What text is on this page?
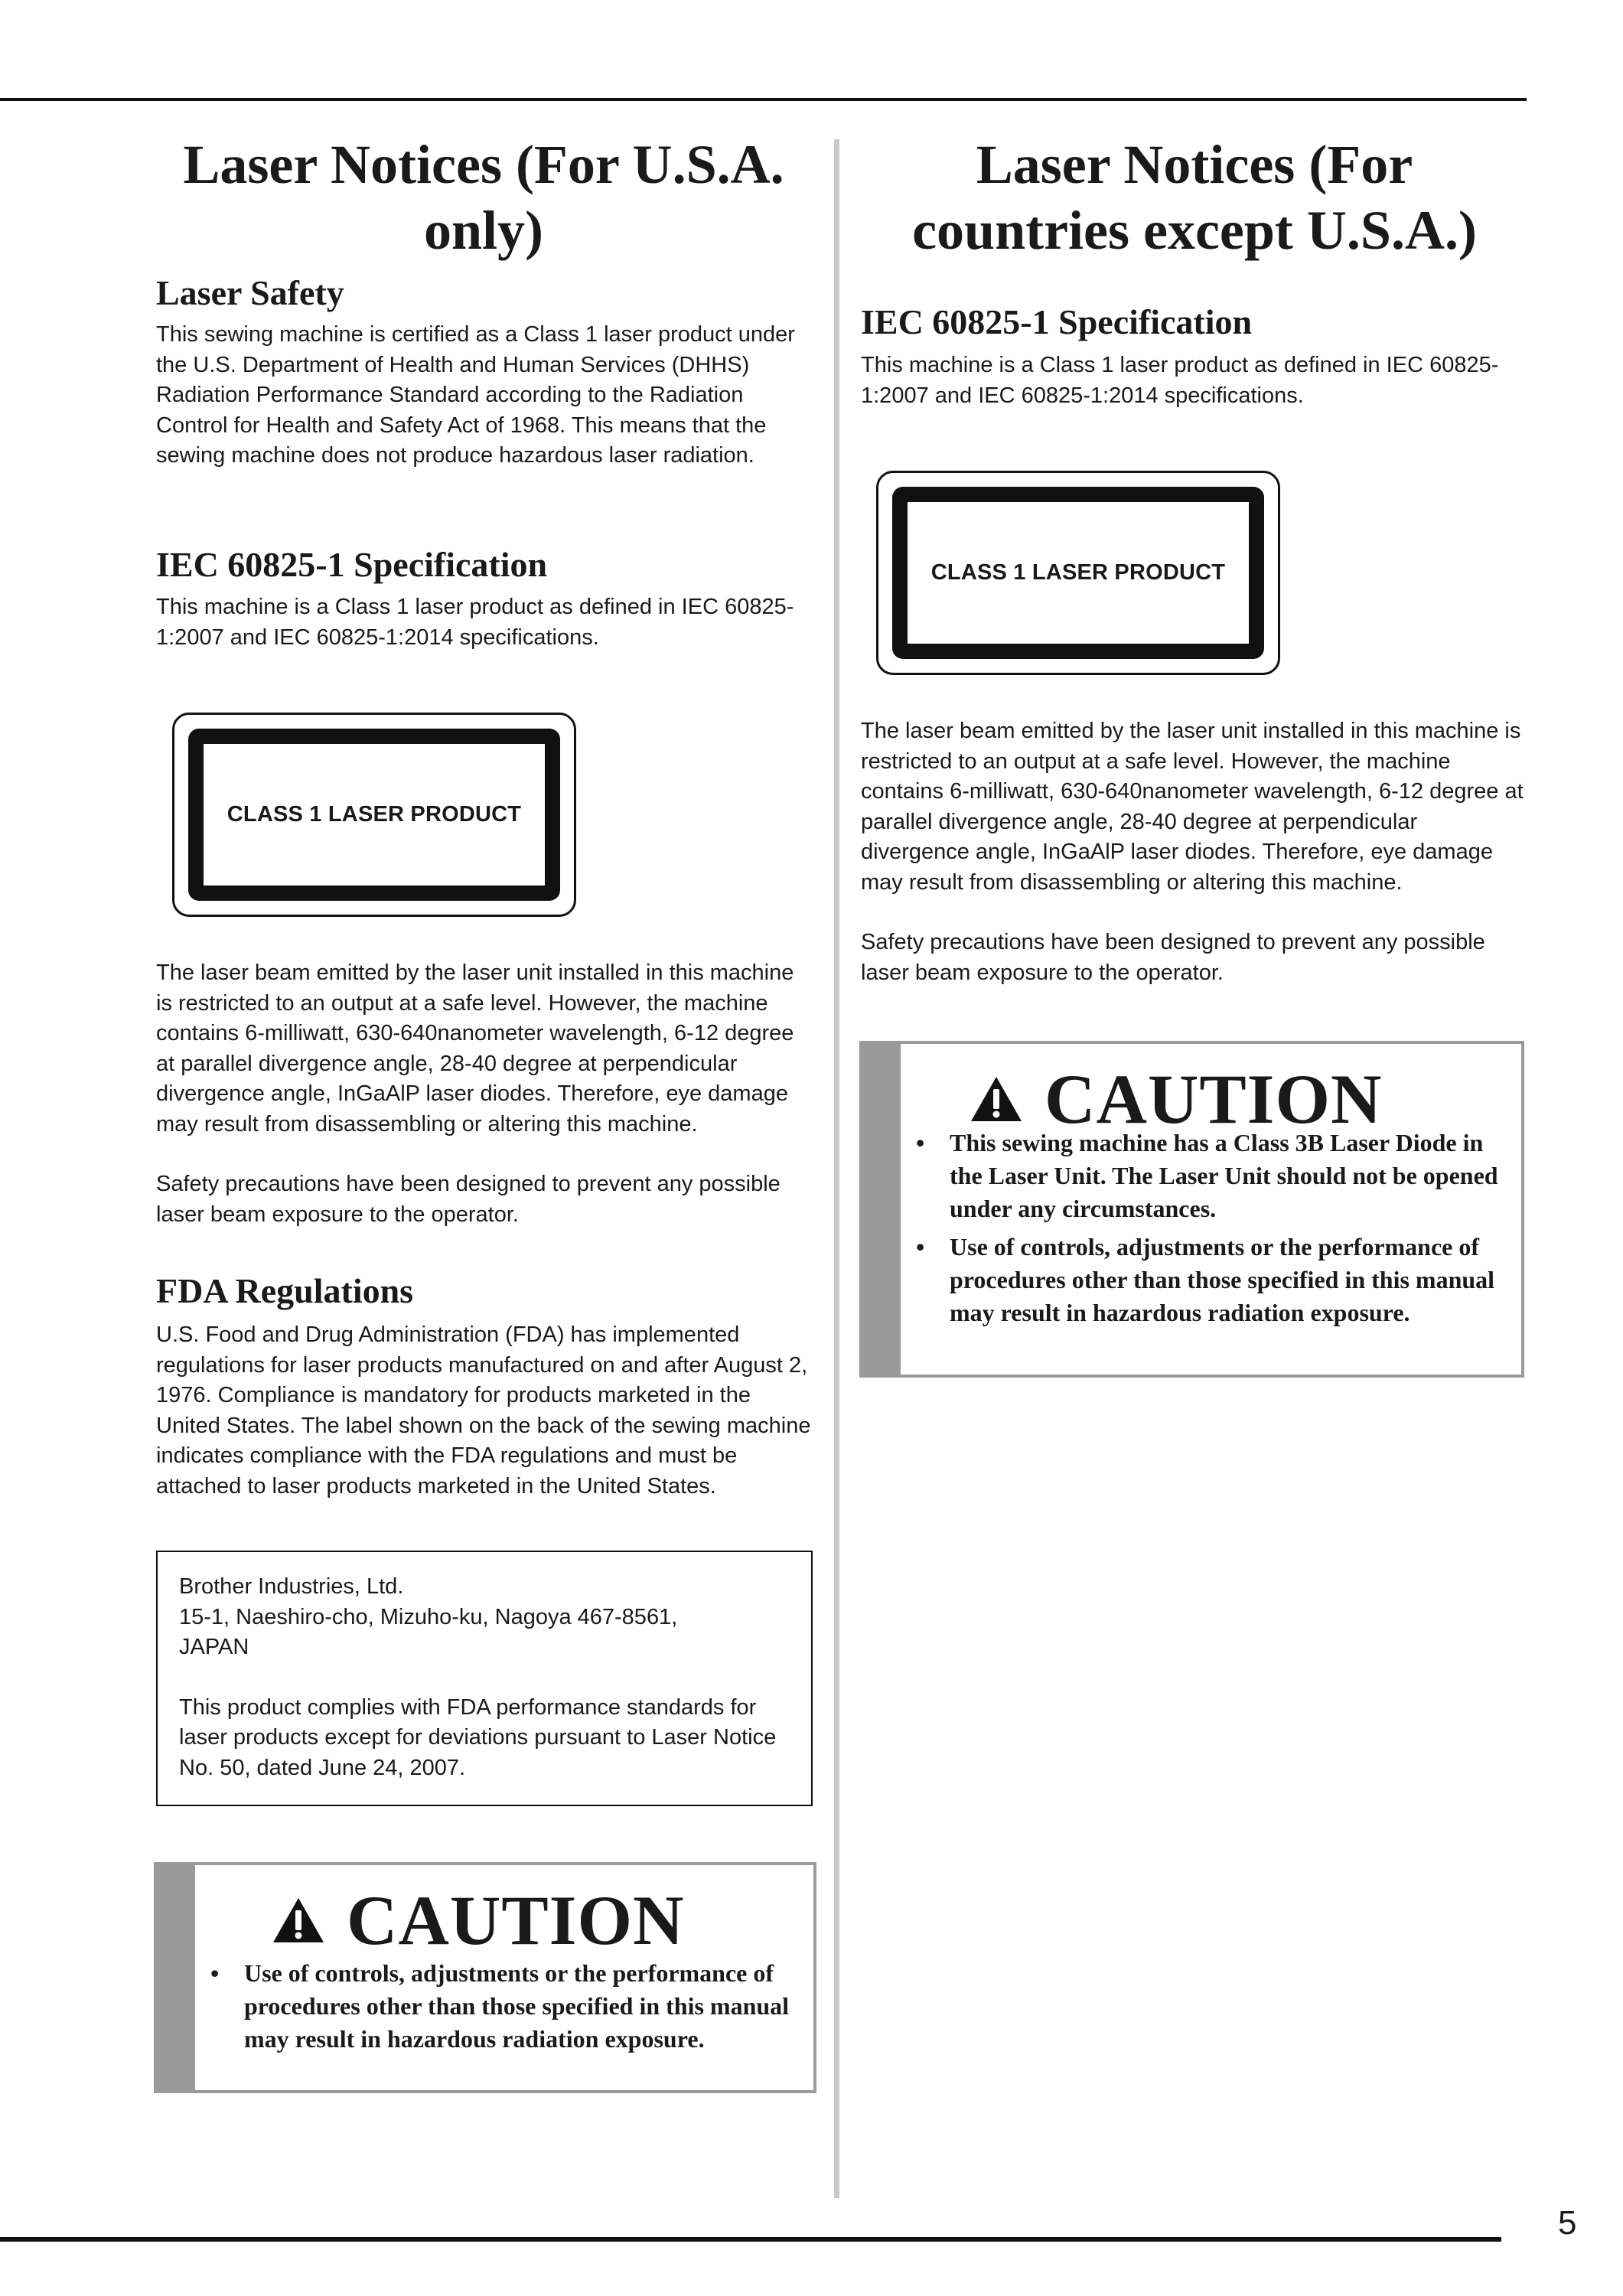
Laser Notices (For U.S.A. only)
Laser Safety

This sewing machine is certified as a Class 1 laser product under the U.S. Department of Health and Human Services (DHHS) Radiation Performance Standard according to the Radiation Control for Health and Safety Act of 1968. This means that the sewing machine does not produce hazardous laser radiation.

IEC 60825-1 Specification

This machine is a Class 1 laser product as defined in IEC 60825-1:2007 and IEC 60825-1:2014 specifications.

CLASS 1 LASER PRODUCT

The laser beam emitted by the laser unit installed in this machine is restricted to an output at a safe level. However, the machine contains 6-milliwatt, 630-640nanometer wavelength, 6-12 degree at parallel divergence angle, 28-40 degree at perpendicular divergence angle, InGaAlP laser diodes. Therefore, eye damage may result from disassembling or altering this machine.

Safety precautions have been designed to prevent any possible laser beam exposure to the operator.

FDA Regulations

U.S. Food and Drug Administration (FDA) has implemented regulations for laser products manufactured on and after August 2, 1976. Compliance is mandatory for products marketed in the United States. The label shown on the back of the sewing machine indicates compliance with the FDA regulations and must be attached to laser products marketed in the United States.

Brother Industries, Ltd.

15-1, Naeshiro-cho, Mizuho-ku, Nagoya 467-8561,

JAPAN

This product complies with FDA performance standards for laser products except for deviations pursuant to Laser Notice No. 50, dated June 24, 2007.

CAUTION
• Use of controls, adjustments or the performance of procedures other than those specified in this manual may result in hazardous radiation exposure.
Laser Notices (For countries except U.S.A.)
IEC 60825-1 Specification

This machine is a Class 1 laser product as defined in IEC 60825-1:2007 and IEC 60825-1:2014 specifications.

CLASS 1 LASER PRODUCT

The laser beam emitted by the laser unit installed in this machine is restricted to an output at a safe level. However, the machine contains 6-milliwatt, 630-640nanometer wavelength, 6-12 degree at parallel divergence angle, 28-40 degree at perpendicular divergence angle, InGaAlP laser diodes. Therefore, eye damage may result from disassembling or altering this machine.

Safety precautions have been designed to prevent any possible laser beam exposure to the operator.

CAUTION
• This sewing machine has a Class 3B Laser Diode in the Laser Unit. The Laser Unit should not be opened under any circumstances.
• Use of controls, adjustments or the performance of procedures other than those specified in this manual may result in hazardous radiation exposure.
5
